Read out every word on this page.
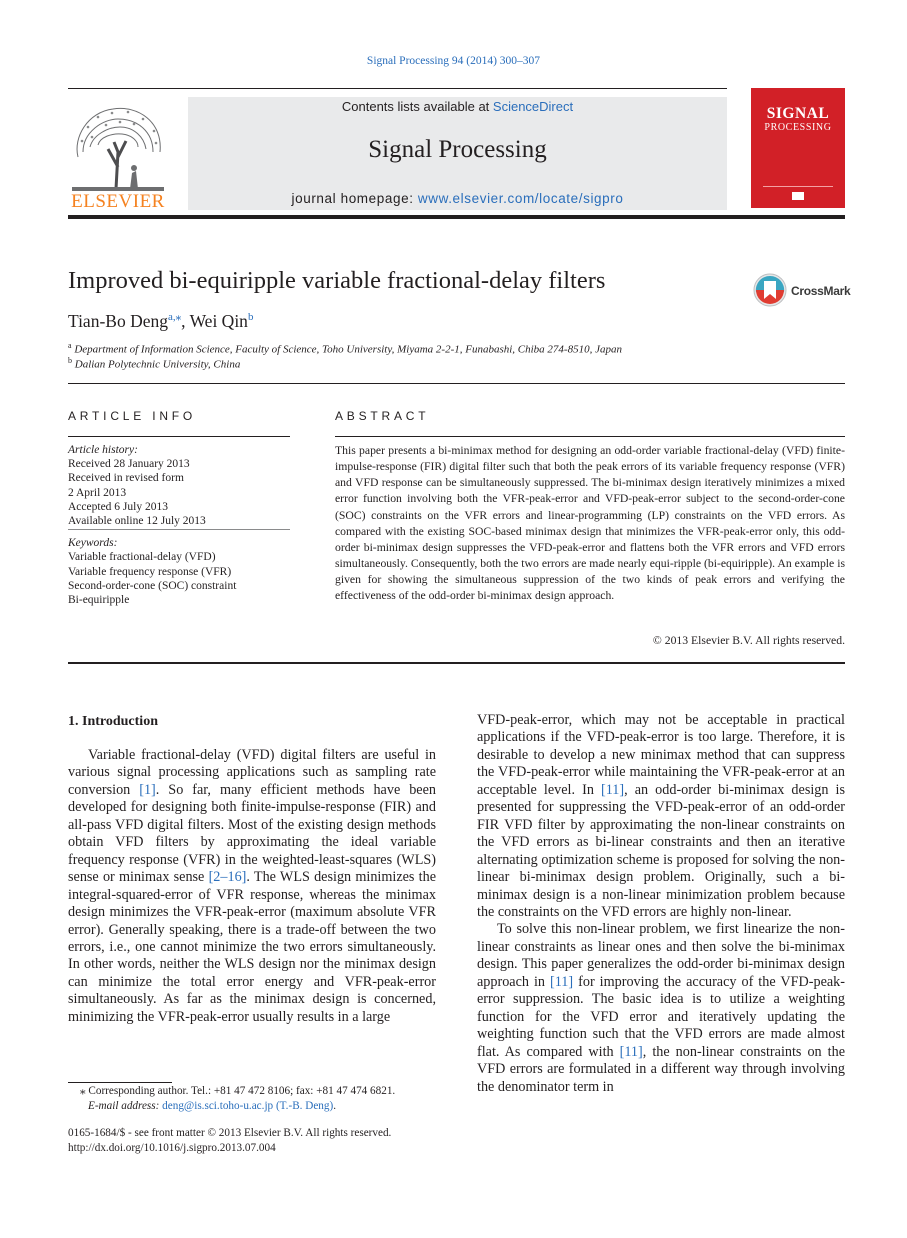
Signal Processing 94 (2014) 300–307
ELSEVIER
Contents lists available at ScienceDirect
Signal Processing
journal homepage: www.elsevier.com/locate/sigpro
SIGNAL
PROCESSING
Improved bi-equiripple variable fractional-delay filters	CrossMark
Tian-Bo Deng$^{a,⁎}$, Wei Qin$^b$
$^a$ Department of Information Science, Faculty of Science, Toho University, Miyama 2-2-1, Funabashi, Chiba 274-8510, Japan
$^b$ Dalian Polytechnic University, China
ARTICLE INFO
Article history:
Received 28 January 2013
Received in revised form
2 April 2013
Accepted 6 July 2013
Available online 12 July 2013
Keywords:
Variable fractional-delay (VFD)
Variable frequency response (VFR)
Second-order-cone (SOC) constraint
Bi-equiripple
ABSTRACT
This paper presents a bi-minimax method for designing an odd-order variable fractional-delay (VFD) finite-impulse-response (FIR) digital filter such that both the peak errors of its variable frequency response (VFR) and VFD response can be simultaneously suppressed. The bi-minimax design iteratively minimizes a mixed error function involving both the VFR-peak-error and VFD-peak-error subject to the second-order-cone (SOC) constraints on the VFR errors and linear-programming (LP) constraints on the VFD errors. As compared with the existing SOC-based minimax design that minimizes the VFR-peak-error only, this odd-order bi-minimax design suppresses the VFD-peak-error and flattens both the VFR errors and VFD errors simultaneously. Consequently, both the two errors are made nearly equi-ripple (bi-equiripple). An example is given for showing the simultaneous suppression of the two kinds of peak errors and verifying the effectiveness of the odd-order bi-minimax design approach.
© 2013 Elsevier B.V. All rights reserved.
1. Introduction

Variable fractional-delay (VFD) digital filters are useful in various signal processing applications such as sampling rate conversion [1]. So far, many efficient methods have been developed for designing both finite-impulse-response (FIR) and all-pass VFD digital filters. Most of the existing design methods obtain VFD filters by approximating the ideal variable frequency response (VFR) in the weighted-least-squares (WLS) sense or minimax sense [2–16]. The WLS design minimizes the integral-squared-error of VFR response, whereas the minimax design minimizes the VFR-peak-error (maximum absolute VFR error). Generally speaking, there is a trade-off between the two errors, i.e., one cannot minimize the two errors simultaneously. In other words, neither the WLS design nor the minimax design can minimize the total error energy and VFR-peak-error simultaneously. As far as the minimax design is concerned, minimizing the VFR-peak-error usually results in a large

VFD-peak-error, which may not be acceptable in practical applications if the VFD-peak-error is too large. Therefore, it is desirable to develop a new minimax method that can suppress the VFD-peak-error while maintaining the VFR-peak-error at an acceptable level. In [11], an odd-order bi-minimax design is presented for suppressing the VFD-peak-error of an odd-order FIR VFD filter by approximating the non-linear constraints on the VFD errors as bi-linear constraints and then an iterative alternating optimization scheme is proposed for solving the non-linear bi-minimax design problem. Originally, such a bi-minimax design is a non-linear minimization problem because the constraints on the VFD errors are highly non-linear.

To solve this non-linear problem, we first linearize the non-linear constraints as linear ones and then solve the bi-minimax design. This paper generalizes the odd-order bi-minimax design approach in [11] for improving the accuracy of the VFD-peak-error suppression. The basic idea is to utilize a weighting function for the VFD error and iteratively updating the weighting function such that the VFD errors are made almost flat. As compared with [11], the non-linear constraints on the VFD errors are formulated in a different way through involving the denominator term in

⁎ Corresponding author. Tel.: +81 47 472 8106; fax: +81 47 474 6821.
E-mail address: deng@is.sci.toho-u.ac.jp (T.-B. Deng).
0165-1684/$ - see front matter © 2013 Elsevier B.V. All rights reserved.
http://dx.doi.org/10.1016/j.sigpro.2013.07.004
